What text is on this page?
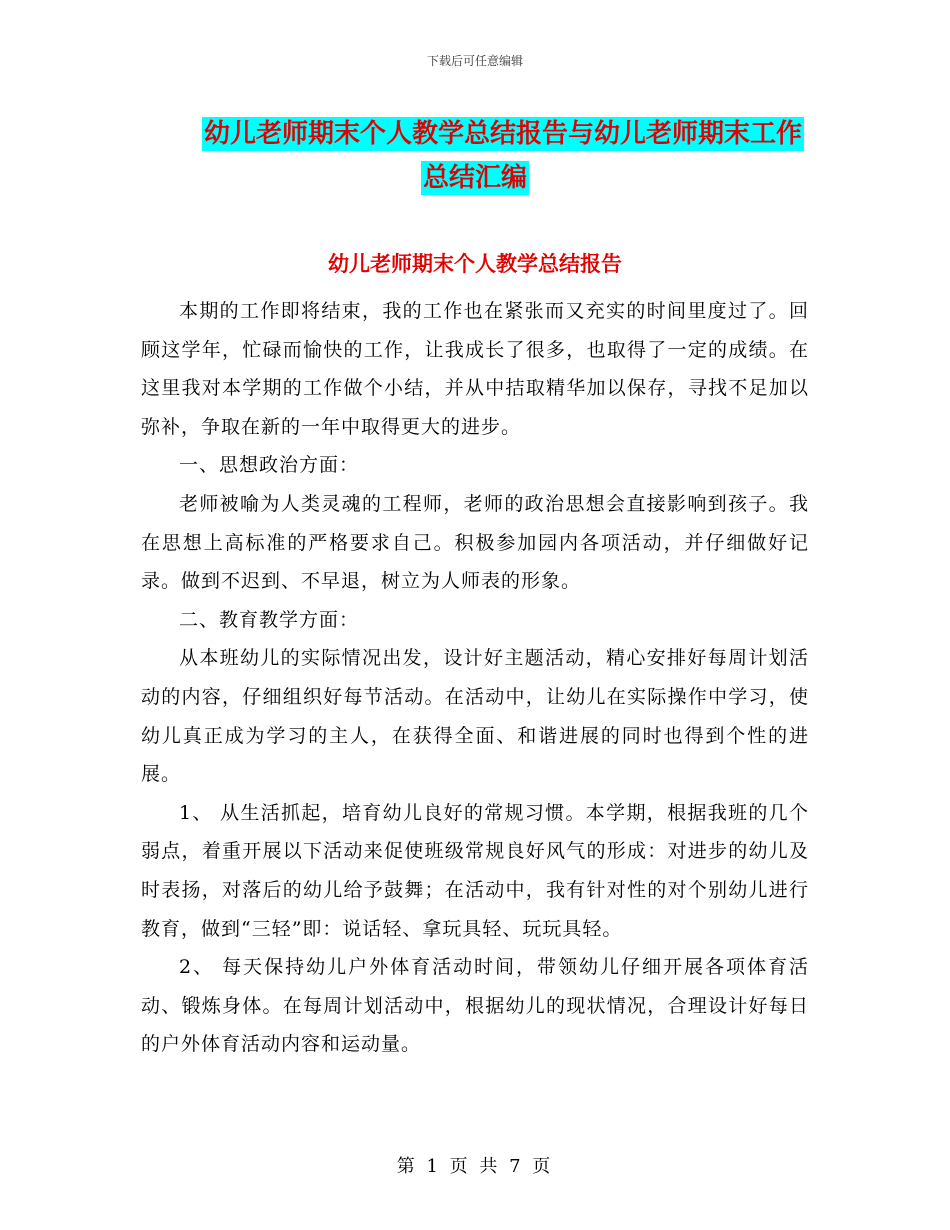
下载后可任意编辑
幼儿老师期末个人教学总结报告与幼儿老师期末工作
总结汇编
幼儿老师期末个人教学总结报告

本期的工作即将结束，我的工作也在紧张而又充实的时间里度过了。回顾这学年，忙碌而愉快的工作，让我成长了很多，也取得了一定的成绩。在这里我对本学期的工作做个小结，并从中拮取精华加以保存，寻找不足加以弥补，争取在新的一年中取得更大的进步。

一、思想政治方面：

老师被喻为人类灵魂的工程师，老师的政治思想会直接影响到孩子。我在思想上高标准的严格要求自己。积极参加园内各项活动，并仔细做好记录。做到不迟到、不早退，树立为人师表的形象。

二、教育教学方面：

从本班幼儿的实际情况出发，设计好主题活动，精心安排好每周计划活动的内容，仔细组织好每节活动。在活动中，让幼儿在实际操作中学习，使幼儿真正成为学习的主人，在获得全面、和谐进展的同时也得到个性的进展。

1、 从生活抓起，培育幼儿良好的常规习惯。本学期，根据我班的几个弱点，着重开展以下活动来促使班级常规良好风气的形成：对进步的幼儿及时表扬，对落后的幼儿给予鼓舞；在活动中，我有针对性的对个别幼儿进行教育，做到“三轻”即：说话轻、拿玩具轻、玩玩具轻。

2、 每天保持幼儿户外体育活动时间，带领幼儿仔细开展各项体育活动、锻炼身体。在每周计划活动中，根据幼儿的现状情况，合理设计好每日的户外体育活动内容和运动量。

第 1 页 共 7 页
